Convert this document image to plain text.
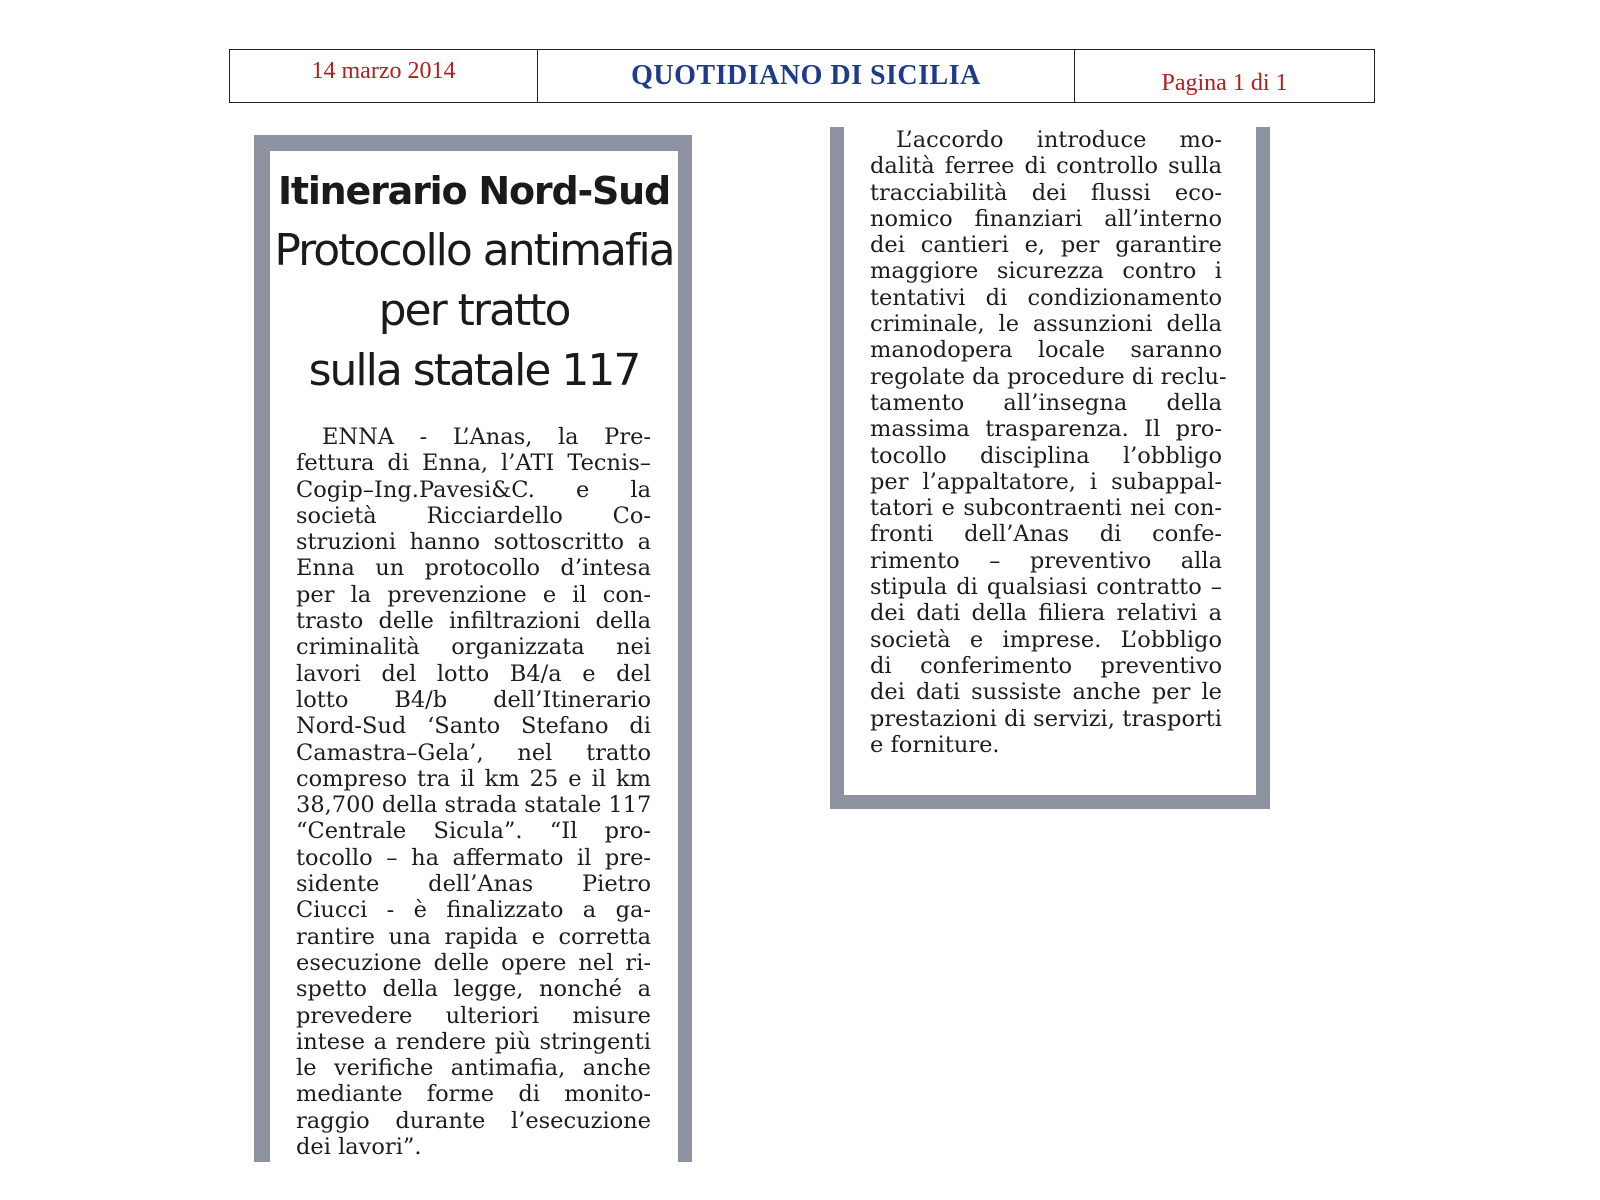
14 marzo 2014	QUOTIDIANO DI SICILIA	Pagina 1 di 1
Itinerario Nord-Sud
Protocollo antimafia
per tratto
sulla statale 117
ENNA - L’Anas, la Pre-
fettura di Enna, l’ATI Tecnis–
Cogip–Ing.Pavesi&C. e la
società Ricciardello Co-
struzioni hanno sottoscritto a
Enna un protocollo d’intesa
per la prevenzione e il con-
trasto delle infiltrazioni della
criminalità organizzata nei
lavori del lotto B4/a e del
lotto B4/b dell’Itinerario
Nord-Sud ‘Santo Stefano di
Camastra–Gela’, nel tratto
compreso tra il km 25 e il km
38,700 della strada statale 117
“Centrale Sicula”. “Il pro-
tocollo – ha affermato il pre-
sidente dell’Anas Pietro
Ciucci - è finalizzato a ga-
rantire una rapida e corretta
esecuzione delle opere nel ri-
spetto della legge, nonché a
prevedere ulteriori misure
intese a rendere più stringenti
le verifiche antimafia, anche
mediante forme di monito-
raggio durante l’esecuzione
dei lavori”.
L’accordo introduce mo-
dalità ferree di controllo sulla
tracciabilità dei flussi eco-
nomico finanziari all’interno
dei cantieri e, per garantire
maggiore sicurezza contro i
tentativi di condizionamento
criminale, le assunzioni della
manodopera locale saranno
regolate da procedure di reclu-
tamento all’insegna della
massima trasparenza. Il pro-
tocollo disciplina l’obbligo
per l’appaltatore, i subappal-
tatori e subcontraenti nei con-
fronti dell’Anas di confe-
rimento – preventivo alla
stipula di qualsiasi contratto –
dei dati della filiera relativi a
società e imprese. L’obbligo
di conferimento preventivo
dei dati sussiste anche per le
prestazioni di servizi, trasporti
e forniture.
